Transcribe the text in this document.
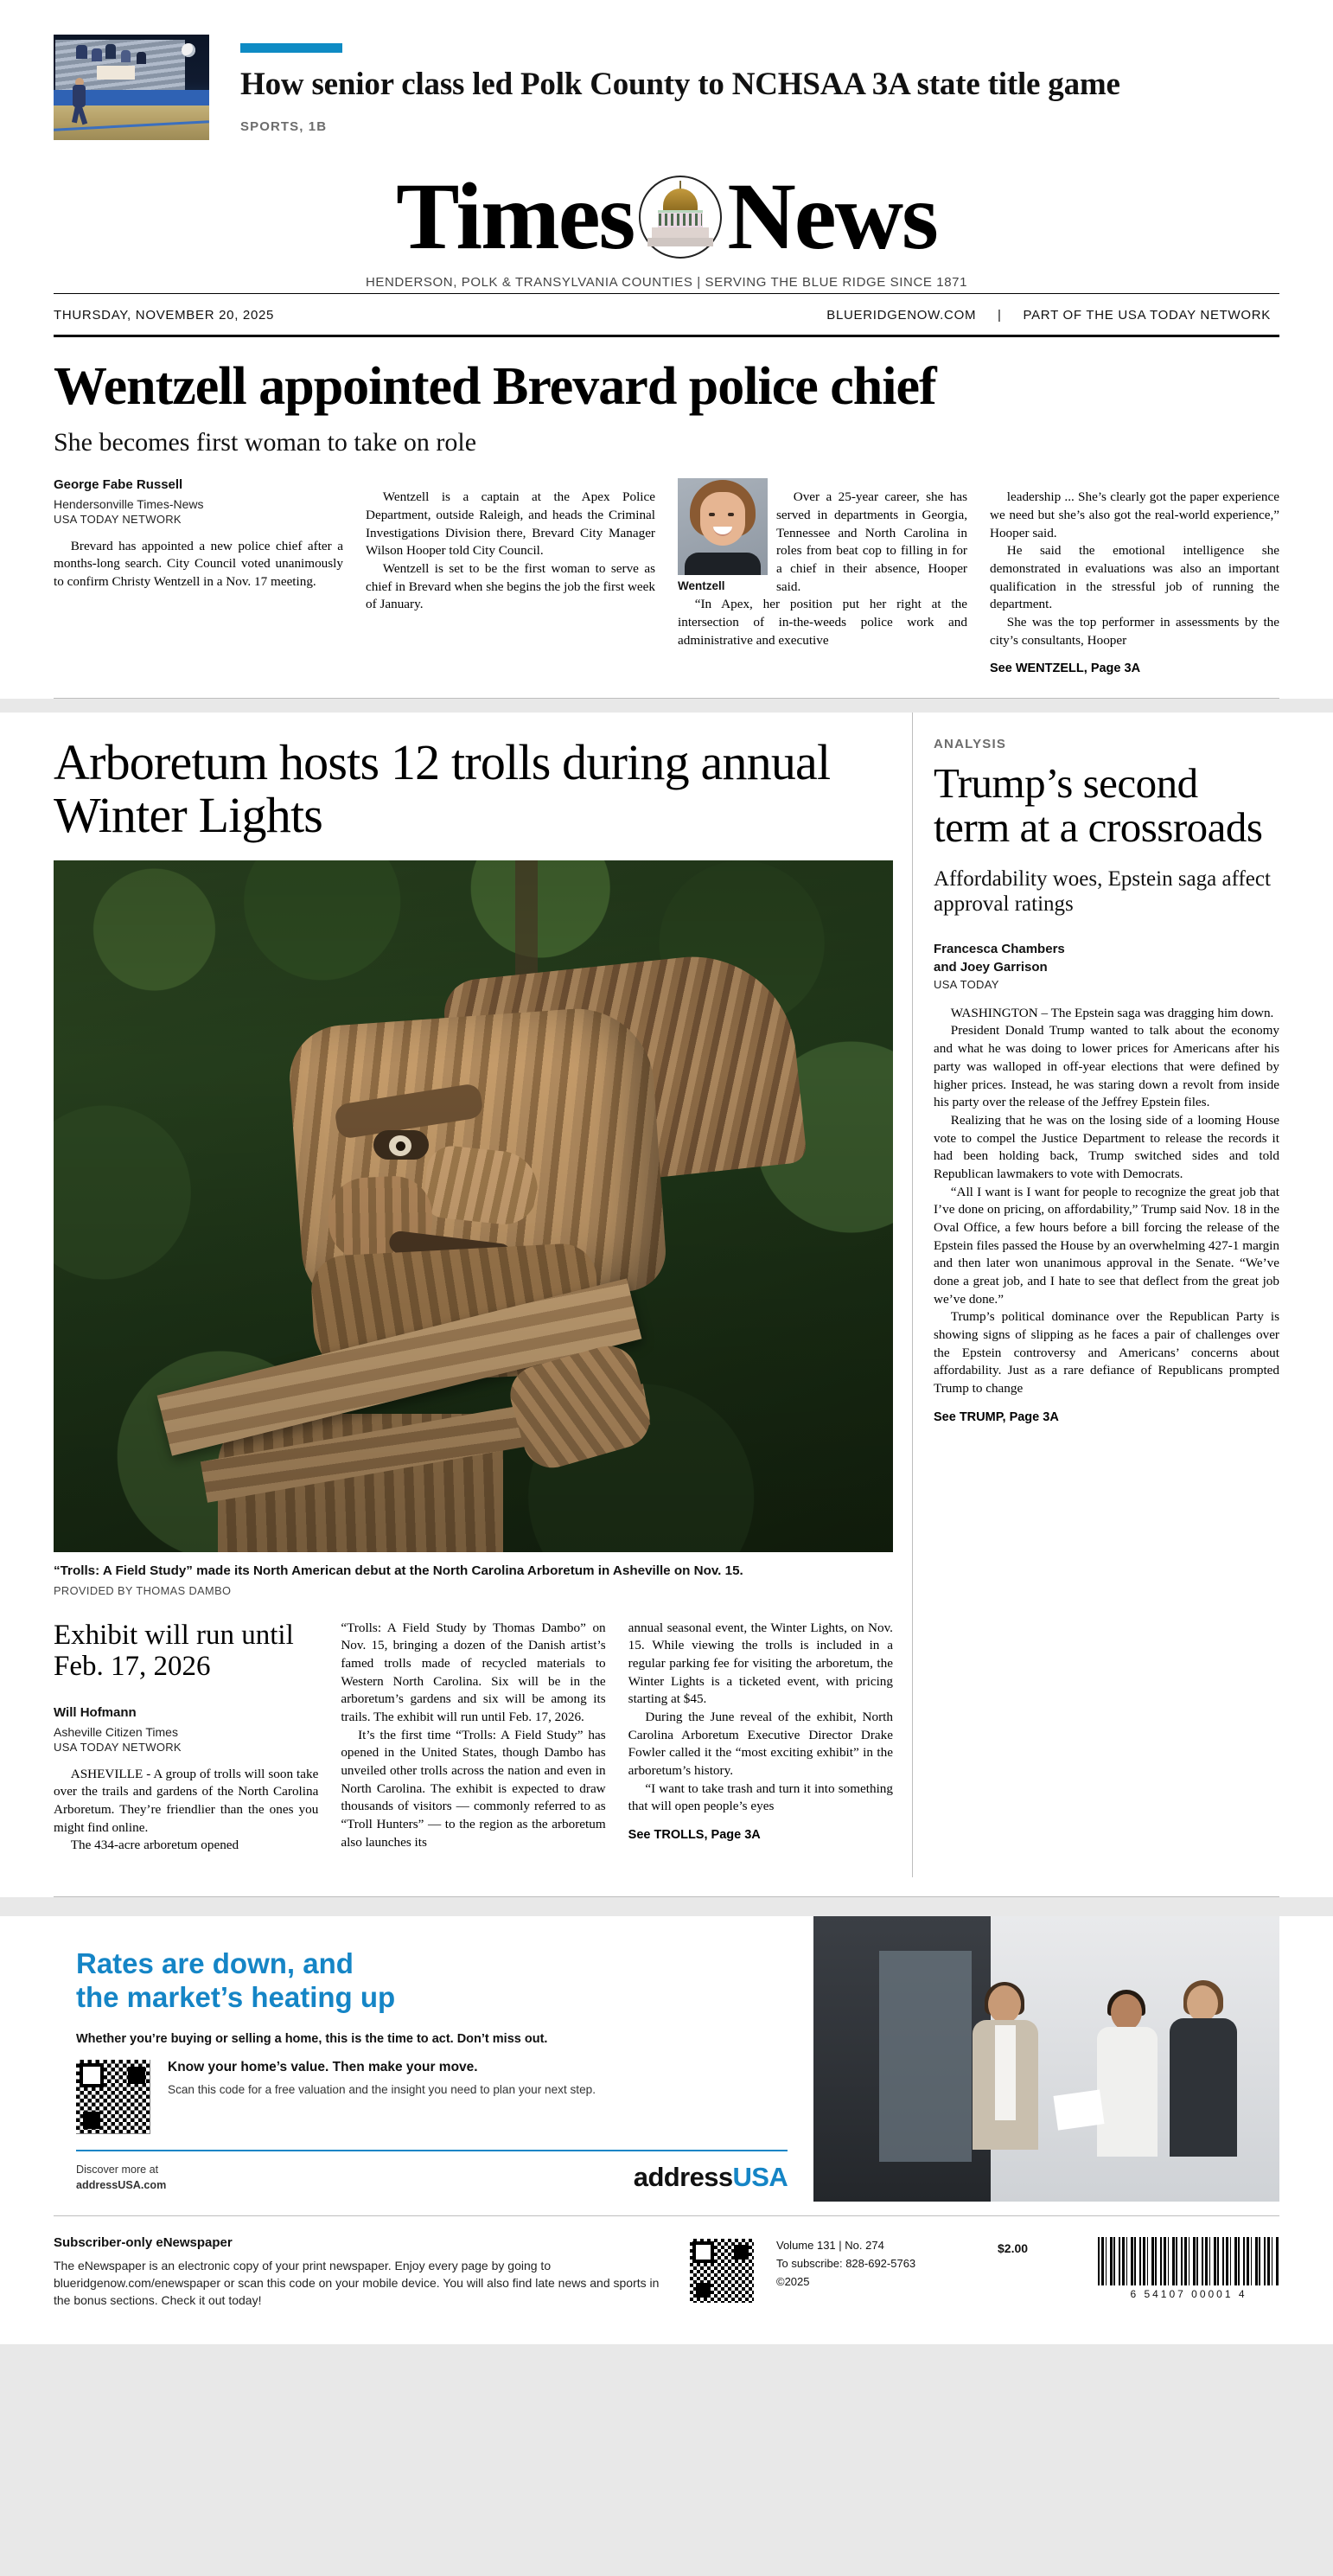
How senior class led Polk County to NCHSAA 3A state title game
SPORTS, 1B
Times News
HENDERSON, POLK & TRANSYLVANIA COUNTIES | SERVING THE BLUE RIDGE SINCE 1871
THURSDAY, NOVEMBER 20, 2025	BLUERIDGENOW.COM | PART OF THE USA TODAY NETWORK
Wentzell appointed Brevard police chief
She becomes first woman to take on role
George Fabe Russell
Hendersonville Times-News
USA TODAY NETWORK

Brevard has appointed a new police chief after a months-long search. City Council voted unanimously to confirm Christy Wentzell in a Nov. 17 meeting.

Wentzell is a captain at the Apex Police Department, outside Raleigh, and heads the Criminal Investigations Division there, Brevard City Manager Wilson Hooper told City Council.

Wentzell is set to be the first woman to serve as chief in Brevard when she begins the job the first week of January.

Wentzell

Over a 25-year career, she has served in departments in Georgia, Tennessee and North Carolina in roles from beat cop to filling in for a chief in their absence, Hooper said.

“In Apex, her position put her right at the intersection of in-the-weeds police work and administrative and executive

leadership ... She’s clearly got the paper experience we need but she’s also got the real-world experience,” Hooper said.

He said the emotional intelligence she demonstrated in evaluations was also an important qualification in the stressful job of running the department.

She was the top performer in assessments by the city’s consultants, Hooper

See WENTZELL, Page 3A
Arboretum hosts 12 trolls during annual Winter Lights
“Trolls: A Field Study” made its North American debut at the North Carolina Arboretum in Asheville on Nov. 15.
PROVIDED BY THOMAS DAMBO
Exhibit will run until Feb. 17, 2026
Will Hofmann
Asheville Citizen Times
USA TODAY NETWORK

ASHEVILLE - A group of trolls will soon take over the trails and gardens of the North Carolina Arboretum. They’re friendlier than the ones you might find online.

The 434-acre arboretum opened

“Trolls: A Field Study by Thomas Dambo” on Nov. 15, bringing a dozen of the Danish artist’s famed trolls made of recycled materials to Western North Carolina. Six will be in the arboretum’s gardens and six will be among its trails. The exhibit will run until Feb. 17, 2026.

It’s the first time “Trolls: A Field Study” has opened in the United States, though Dambo has unveiled other trolls across the nation and even in North Carolina. The exhibit is expected to draw thousands of visitors — commonly referred to as “Troll Hunters” — to the region as the arboretum also launches its

annual seasonal event, the Winter Lights, on Nov. 15. While viewing the trolls is included in a regular parking fee for visiting the arboretum, the Winter Lights is a ticketed event, with pricing starting at $45.

During the June reveal of the exhibit, North Carolina Arboretum Executive Director Drake Fowler called it the “most exciting exhibit” in the arboretum’s history.

“I want to take trash and turn it into something that will open people’s eyes

See TROLLS, Page 3A
ANALYSIS
Trump’s second term at a crossroads
Affordability woes, Epstein saga affect approval ratings
Francesca Chambers
and Joey Garrison
USA TODAY

WASHINGTON – The Epstein saga was dragging him down.

President Donald Trump wanted to talk about the economy and what he was doing to lower prices for Americans after his party was walloped in off-year elections that were defined by higher prices. Instead, he was staring down a revolt from inside his party over the release of the Jeffrey Epstein files.

Realizing that he was on the losing side of a looming House vote to compel the Justice Department to release the records it had been holding back, Trump switched sides and told Republican lawmakers to vote with Democrats.

“All I want is I want for people to recognize the great job that I’ve done on pricing, on affordability,” Trump said Nov. 18 in the Oval Office, a few hours before a bill forcing the release of the Epstein files passed the House by an overwhelming 427-1 margin and then later won unanimous approval in the Senate. “We’ve done a great job, and I hate to see that deflect from the great job we’ve done.”

Trump’s political dominance over the Republican Party is showing signs of slipping as he faces a pair of challenges over the Epstein controversy and Americans’ concerns about affordability. Just as a rare defiance of Republicans prompted Trump to change

See TRUMP, Page 3A
Rates are down, and
the market’s heating up
Whether you’re buying or selling a home, this is the time to act. Don’t miss out.
Know your home’s value. Then make your move.
Scan this code for a free valuation and the insight you need to plan your next step.
Discover more at
addressUSA.com	addressUSA
Subscriber-only eNewspaper
The eNewspaper is an electronic copy of your print newspaper. Enjoy every page by going to blueridgenow.com/enewspaper or scan this code on your mobile device. You will also find late news and sports in the bonus sections. Check it out today!
Volume 131 | No. 274
To subscribe: 828-692-5763
©2025
$2.00
6 54107 00001 4
